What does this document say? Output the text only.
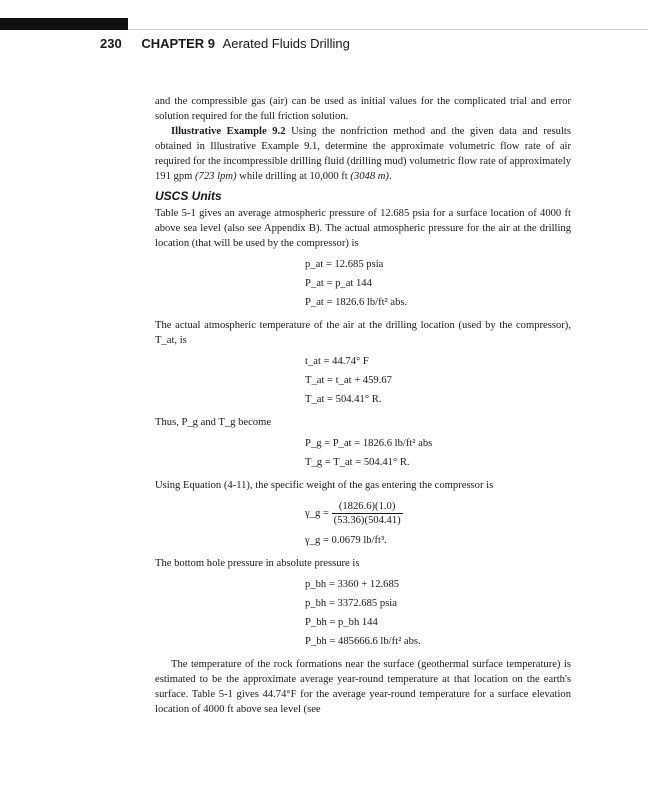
230 CHAPTER 9 Aerated Fluids Drilling

and the compressible gas (air) can be used as initial values for the complicated trial and error solution required for the full friction solution.

Illustrative Example 9.2 Using the nonfriction method and the given data and results obtained in Illustrative Example 9.1, determine the approximate volumetric flow rate of air required for the incompressible drilling fluid (drilling mud) volumetric flow rate of approximately 191 gpm (723 lpm) while drilling at 10,000 ft (3048 m).

USCS Units

Table 5-1 gives an average atmospheric pressure of 12.685 psia for a surface location of 4000 ft above sea level (also see Appendix B). The actual atmospheric pressure for the air at the drilling location (that will be used by the compressor) is

p_at = 12.685 psia
P_at = p_at 144
P_at = 1826.6 lb/ft² abs.

The actual atmospheric temperature of the air at the drilling location (used by the compressor), T_at, is

t_at = 44.74° F
T_at = t_at + 459.67
T_at = 504.41° R.

Thus, P_g and T_g become

P_g = P_at = 1826.6 lb/ft² abs
T_g = T_at = 504.41° R.

Using Equation (4-11), the specific weight of the gas entering the compressor is

γ_g = $\frac{(1826.6)(1.0)}{(53.36)(504.41)}$
γ_g = 0.0679 lb/ft³.

The bottom hole pressure in absolute pressure is

p_bh = 3360 + 12.685
p_bh = 3372.685 psia
P_bh = p_bh 144
P_bh = 485666.6 lb/ft² abs.

The temperature of the rock formations near the surface (geothermal surface temperature) is estimated to be the approximate average year-round temperature at that location on the earth's surface. Table 5-1 gives 44.74°F for the average year-round temperature for a surface elevation location of 4000 ft above sea level (see
